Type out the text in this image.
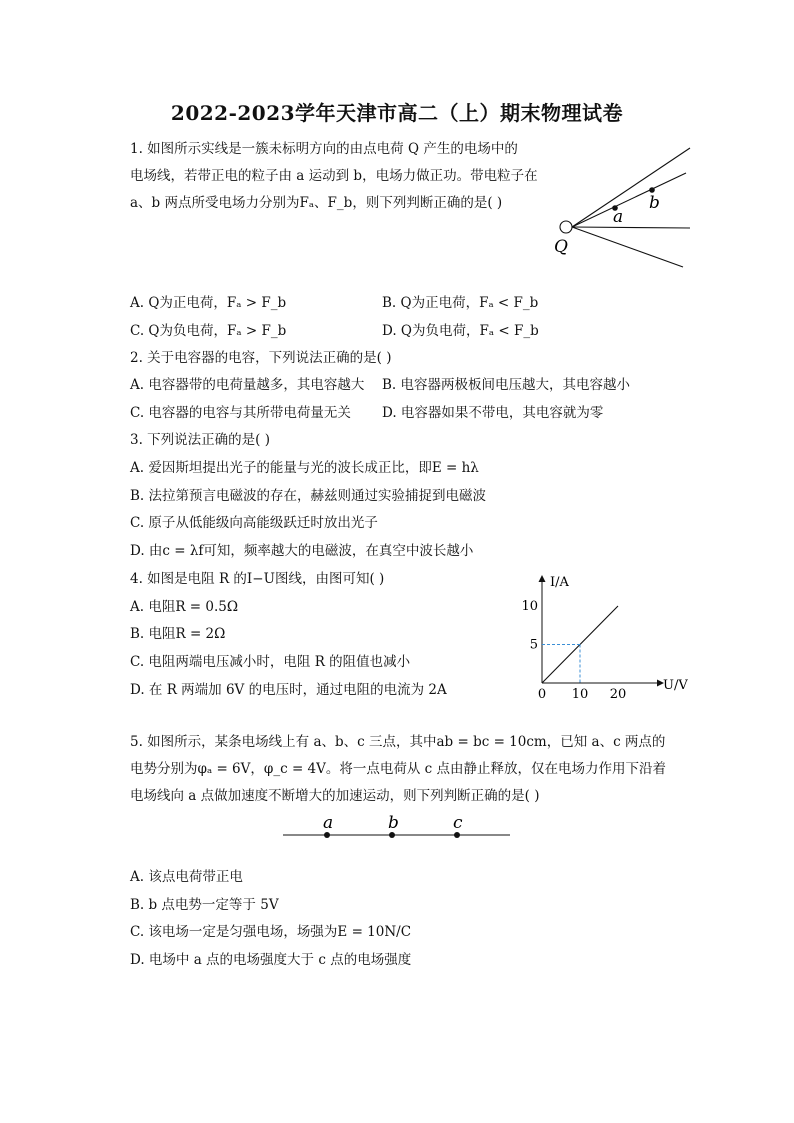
2022-2023学年天津市高二（上）期末物理试卷
1. 如图所示实线是一簇未标明方向的由点电荷 Q 产生的电场中的
电场线，若带正电的粒子由 a 运动到 b，电场力做正功。带电粒子在
a、b 两点所受电场力分别为Fₐ、F_b，则下列判断正确的是( )
a
b
Q
A. Q为正电荷，Fₐ > F_b	B. Q为正电荷，Fₐ < F_b
C. Q为负电荷，Fₐ > F_b	D. Q为负电荷，Fₐ < F_b
2. 关于电容器的电容，下列说法正确的是( )
A. 电容器带的电荷量越多，其电容越大 B. 电容器两极板间电压越大，其电容越小
C. 电容器的电容与其所带电荷量无关 D. 电容器如果不带电，其电容就为零
3. 下列说法正确的是( )
A. 爱因斯坦提出光子的能量与光的波长成正比，即E = hλ
B. 法拉第预言电磁波的存在，赫兹则通过实验捕捉到电磁波
C. 原子从低能级向高能级跃迁时放出光子
D. 由c = λf可知，频率越大的电磁波，在真空中波长越小
4. 如图是电阻 R 的I−U图线，由图可知( )
A. 电阻R = 0.5Ω
B. 电阻R = 2Ω
C. 电阻两端电压减小时，电阻 R 的阻值也减小
D. 在 R 两端加 6V 的电压时，通过电阻的电流为 2A	0 10 20
5
10
I/A
U/V
5. 如图所示，某条电场线上有 a、b、c 三点，其中ab = bc = 10cm，已知 a、c 两点的电势分别为φₐ = 6V，φ_c = 4V。将一点电荷从 c 点由静止释放，仅在电场力作用下沿着电场线向 a 点做加速度不断增大的加速运动，则下列判断正确的是( )
a	b	c
A. 该点电荷带正电
B. b 点电势一定等于 5V
C. 该电场一定是匀强电场，场强为E = 10N/C
D. 电场中 a 点的电场强度大于 c 点的电场强度
